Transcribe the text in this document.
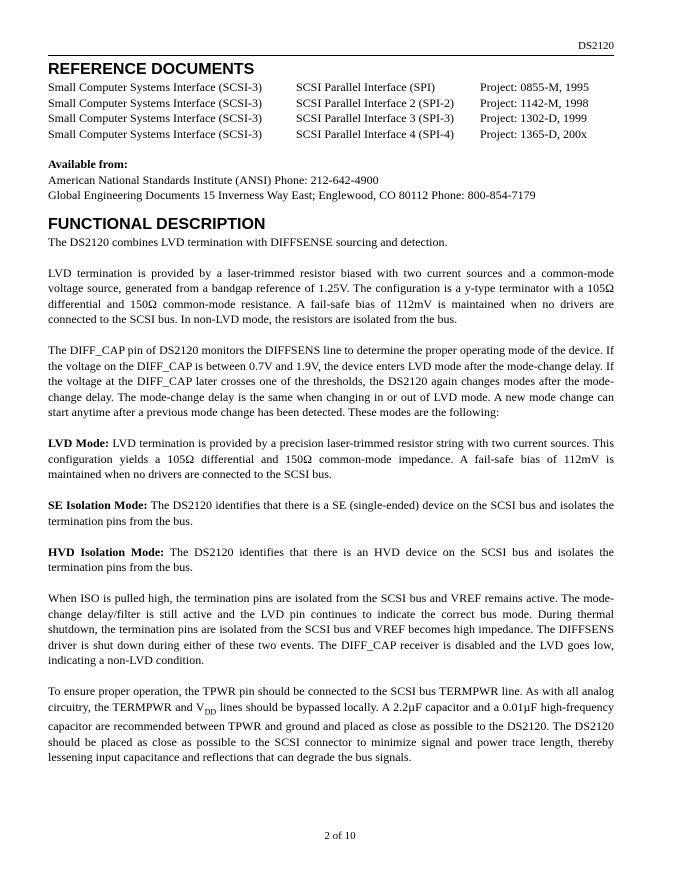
DS2120
REFERENCE DOCUMENTS
Small Computer Systems Interface (SCSI-3)	SCSI Parallel Interface (SPI)	Project: 0855-M, 1995
Small Computer Systems Interface (SCSI-3)	SCSI Parallel Interface 2 (SPI-2)	Project: 1142-M, 1998
Small Computer Systems Interface (SCSI-3)	SCSI Parallel Interface 3 (SPI-3)	Project: 1302-D, 1999
Small Computer Systems Interface (SCSI-3)	SCSI Parallel Interface 4 (SPI-4)	Project: 1365-D, 200x
Available from:
American National Standards Institute (ANSI) Phone: 212-642-4900
Global Engineering Documents 15 Inverness Way East; Englewood, CO 80112 Phone: 800-854-7179
FUNCTIONAL DESCRIPTION

The DS2120 combines LVD termination with DIFFSENSE sourcing and detection.

LVD termination is provided by a laser-trimmed resistor biased with two current sources and a common-mode voltage source, generated from a bandgap reference of 1.25V. The configuration is a y-type terminator with a 105Ω differential and 150Ω common-mode resistance. A fail-safe bias of 112mV is maintained when no drivers are connected to the SCSI bus. In non-LVD mode, the resistors are isolated from the bus.

The DIFF_CAP pin of DS2120 monitors the DIFFSENS line to determine the proper operating mode of the device. If the voltage on the DIFF_CAP is between 0.7V and 1.9V, the device enters LVD mode after the mode-change delay. If the voltage at the DIFF_CAP later crosses one of the thresholds, the DS2120 again changes modes after the mode-change delay. The mode-change delay is the same when changing in or out of LVD mode. A new mode change can start anytime after a previous mode change has been detected. These modes are the following:

LVD Mode: LVD termination is provided by a precision laser-trimmed resistor string with two current sources. This configuration yields a 105Ω differential and 150Ω common-mode impedance. A fail-safe bias of 112mV is maintained when no drivers are connected to the SCSI bus.

SE Isolation Mode: The DS2120 identifies that there is a SE (single-ended) device on the SCSI bus and isolates the termination pins from the bus.

HVD Isolation Mode: The DS2120 identifies that there is an HVD device on the SCSI bus and isolates the termination pins from the bus.

When ISO is pulled high, the termination pins are isolated from the SCSI bus and VREF remains active. The mode-change delay/filter is still active and the LVD pin continues to indicate the correct bus mode. During thermal shutdown, the termination pins are isolated from the SCSI bus and VREF becomes high impedance. The DIFFSENS driver is shut down during either of these two events. The DIFF_CAP receiver is disabled and the LVD goes low, indicating a non-LVD condition.

To ensure proper operation, the TPWR pin should be connected to the SCSI bus TERMPWR line. As with all analog circuitry, the TERMPWR and $V_{DD}$ lines should be bypassed locally. A 2.2µF capacitor and a 0.01µF high-frequency capacitor are recommended between TPWR and ground and placed as close as possible to the DS2120. The DS2120 should be placed as close as possible to the SCSI connector to minimize signal and power trace length, thereby lessening input capacitance and reflections that can degrade the bus signals.

2 of 10
